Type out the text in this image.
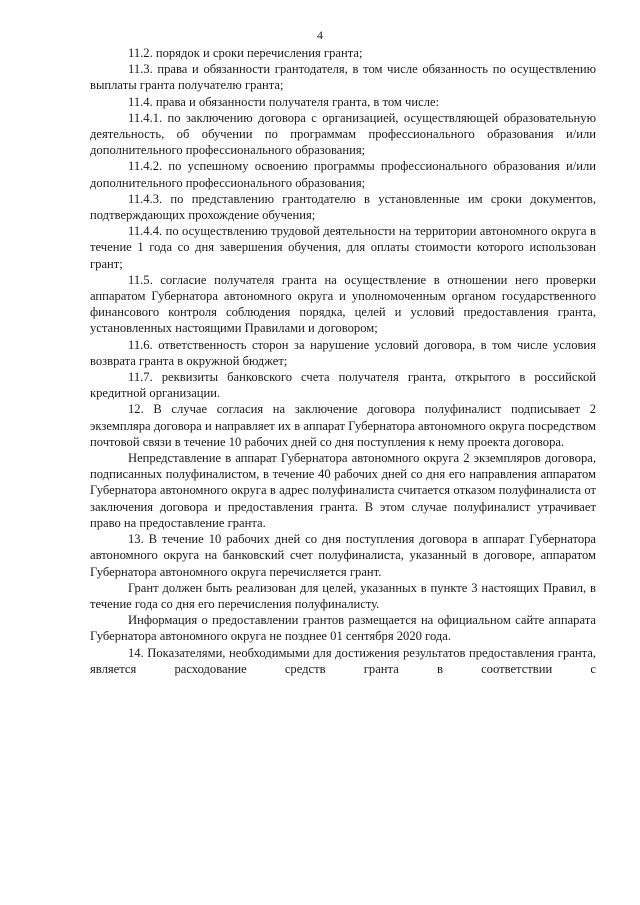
4

11.2. порядок и сроки перечисления гранта;

11.3. права и обязанности грантодателя, в том числе обязанность по осуществлению выплаты гранта получателю гранта;

11.4. права и обязанности получателя гранта, в том числе:

11.4.1. по заключению договора с организацией, осуществляющей образовательную деятельность, об обучении по программам профессионального образования и/или дополнительного профессионального образования;

11.4.2. по успешному освоению программы профессионального образования и/или дополнительного профессионального образования;

11.4.3. по представлению грантодателю в установленные им сроки документов, подтверждающих прохождение обучения;

11.4.4. по осуществлению трудовой деятельности на территории автономного округа в течение 1 года со дня завершения обучения, для оплаты стоимости которого использован грант;

11.5. согласие получателя гранта на осуществление в отношении него проверки аппаратом Губернатора автономного округа и уполномоченным органом государственного финансового контроля соблюдения порядка, целей и условий предоставления гранта, установленных настоящими Правилами и договором;

11.6. ответственность сторон за нарушение условий договора, в том числе условия возврата гранта в окружной бюджет;

11.7. реквизиты банковского счета получателя гранта, открытого в российской кредитной организации.

12. В случае согласия на заключение договора полуфиналист подписывает 2 экземпляра договора и направляет их в аппарат Губернатора автономного округа посредством почтовой связи в течение 10 рабочих дней со дня поступления к нему проекта договора.

Непредставление в аппарат Губернатора автономного округа 2 экземпляров договора, подписанных полуфиналистом, в течение 40 рабочих дней со дня его направления аппаратом Губернатора автономного округа в адрес полуфиналиста считается отказом полуфиналиста от заключения договора и предоставления гранта. В этом случае полуфиналист утрачивает право на предоставление гранта.

13. В течение 10 рабочих дней со дня поступления договора в аппарат Губернатора автономного округа на банковский счет полуфиналиста, указанный в договоре, аппаратом Губернатора автономного округа перечисляется грант.

Грант должен быть реализован для целей, указанных в пункте 3 настоящих Правил, в течение года со дня его перечисления полуфиналисту.

Информация о предоставлении грантов размещается на официальном сайте аппарата Губернатора автономного округа не позднее 01 сентября 2020 года.

14. Показателями, необходимыми для достижения результатов предоставления гранта, является расходование средств гранта в соответствии с
